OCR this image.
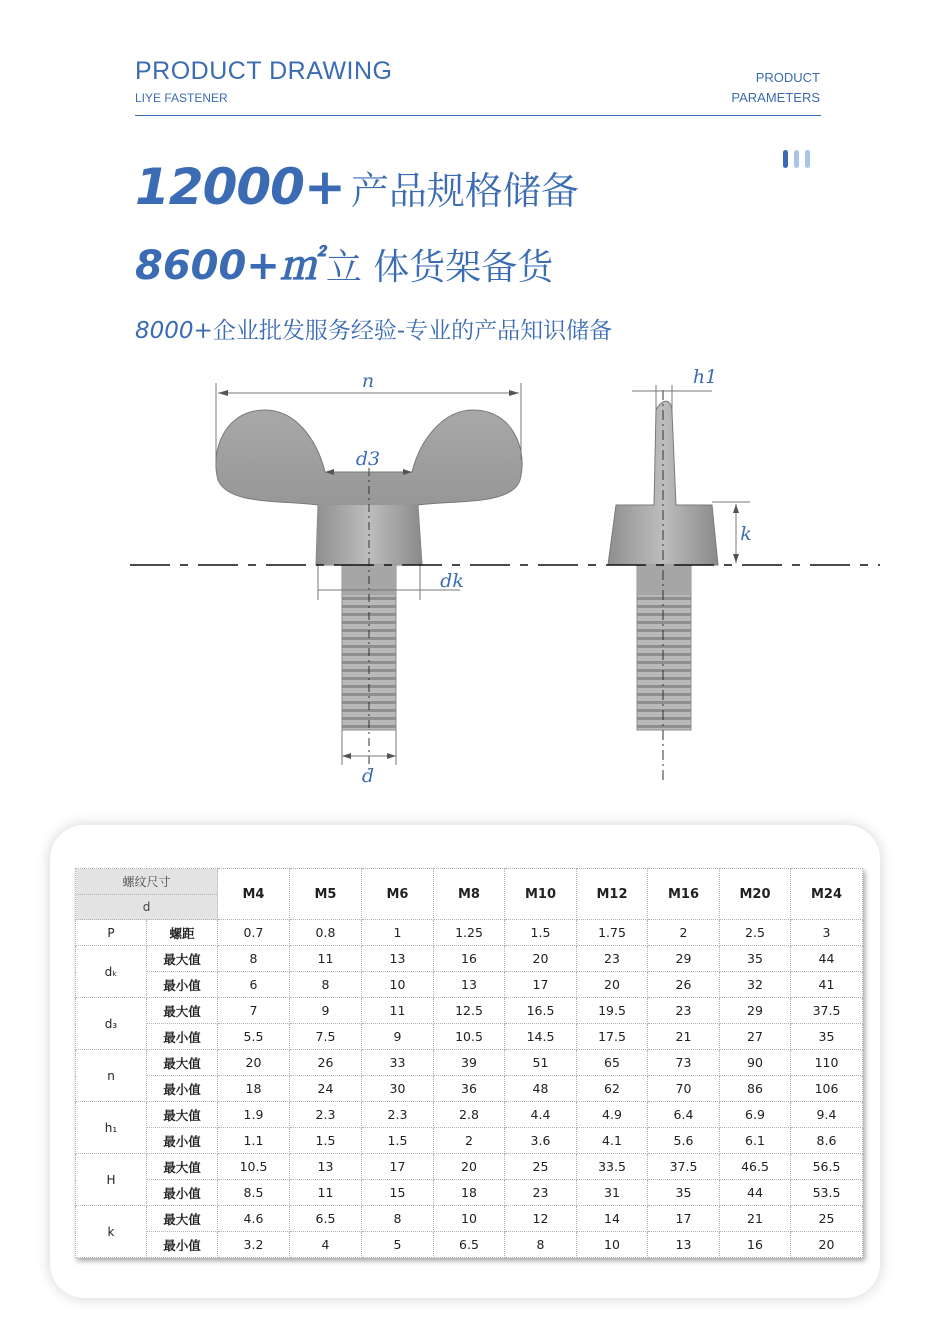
PRODUCT DRAWING
LIYE FASTENER
PRODUCT
PARAMETERS
12000+ 产品规格储备
8600+㎡ 立 体货架备货
8000+企业批发服务经验-专业的产品知识储备
n
d3
dk
d
h1
k
螺纹尺寸
d		M4	M5	M6	M8	M10	M12	M16	M20	M24
P	螺距	0.7	0.8	1	1.25	1.5	1.75	2	2.5	3
dₖ	最大值	8	11	13	16	20	23	29	35	44
	最小值	6	8	10	13	17	20	26	32	41
d₃	最大值	7	9	11	12.5	16.5	19.5	23	29	37.5
	最小值	5.5	7.5	9	10.5	14.5	17.5	21	27	35
n	最大值	20	26	33	39	51	65	73	90	110
	最小值	18	24	30	36	48	62	70	86	106
h₁	最大值	1.9	2.3	2.3	2.8	4.4	4.9	6.4	6.9	9.4
	最小值	1.1	1.5	1.5	2	3.6	4.1	5.6	6.1	8.6
H	最大值	10.5	13	17	20	25	33.5	37.5	46.5	56.5
	最小值	8.5	11	15	18	23	31	35	44	53.5
k	最大值	4.6	6.5	8	10	12	14	17	21	25
	最小值	3.2	4	5	6.5	8	10	13	16	20
